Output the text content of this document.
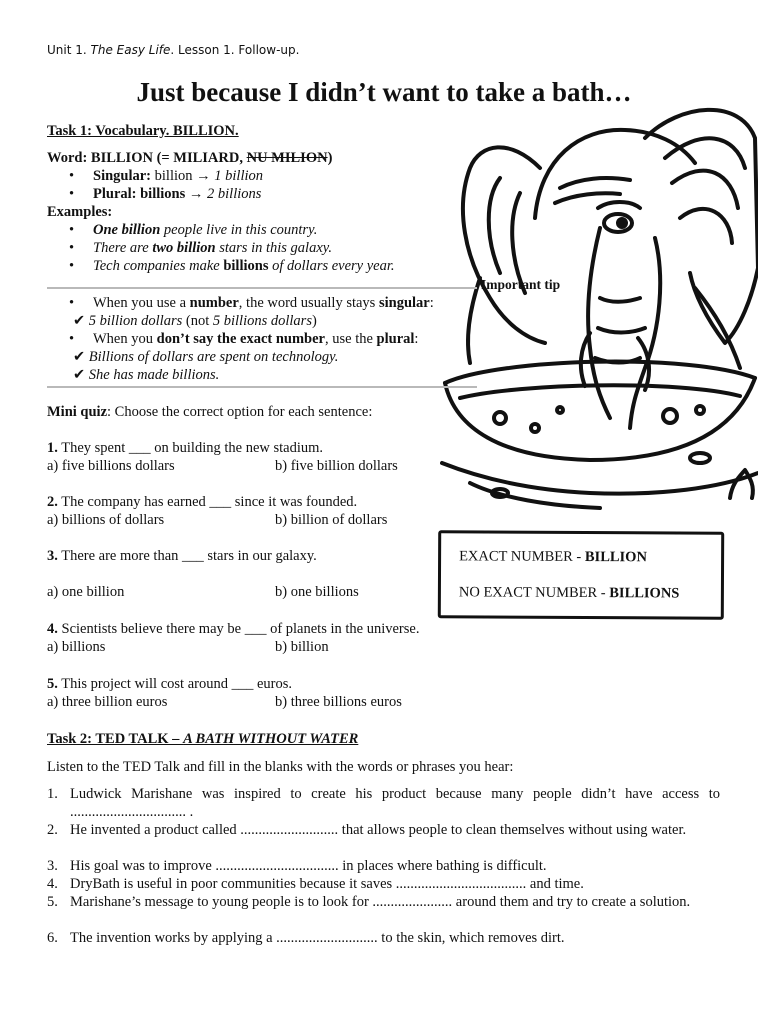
Unit 1. The Easy Life. Lesson 1. Follow-up.
Just because I didn’t want to take a bath…
Task 1: Vocabulary. BILLION.
Word: BILLION (= MILIARD, NU MILION)
• Singular: billion → 1 billion
• Plural: billions → 2 billions
Examples:
• One billion people live in this country.
• There are two billion stars in this galaxy.
• Tech companies make billions of dollars every year.
Important tip
• When you use a number, the word usually stays singular:
✔ 5 billion dollars (not 5 billions dollars)
• When you don’t say the exact number, use the plural:
✔ Billions of dollars are spent on technology.
✔ She has made billions.
Mini quiz: Choose the correct option for each sentence:
1. They spent ___ on building the new stadium.
a) five billions dollars	b) five billion dollars
2. The company has earned ___ since it was founded.
a) billions of dollars	b) billion of dollars
3. There are more than ___ stars in our galaxy.
a) one billion	b) one billions
4. Scientists believe there may be ___ of planets in the universe.
a) billions	b) billion
5. This project will cost around ___ euros.
a) three billion euros	b) three billions euros
EXACT NUMBER - BILLION
NO EXACT NUMBER - BILLIONS
Task 2: TED TALK – A BATH WITHOUT WATER
Listen to the TED Talk and fill in the blanks with the words or phrases you hear:
1. Ludwick Marishane was inspired to create his product because many people didn’t have access to ................................ .
2. He invented a product called ........................... that allows people to clean themselves without using water.
3. His goal was to improve .................................. in places where bathing is difficult.
4. DryBath is useful in poor communities because it saves .................................... and time.
5. Marishane’s message to young people is to look for ...................... around them and try to create a solution.
6. The invention works by applying a ............................ to the skin, which removes dirt.
